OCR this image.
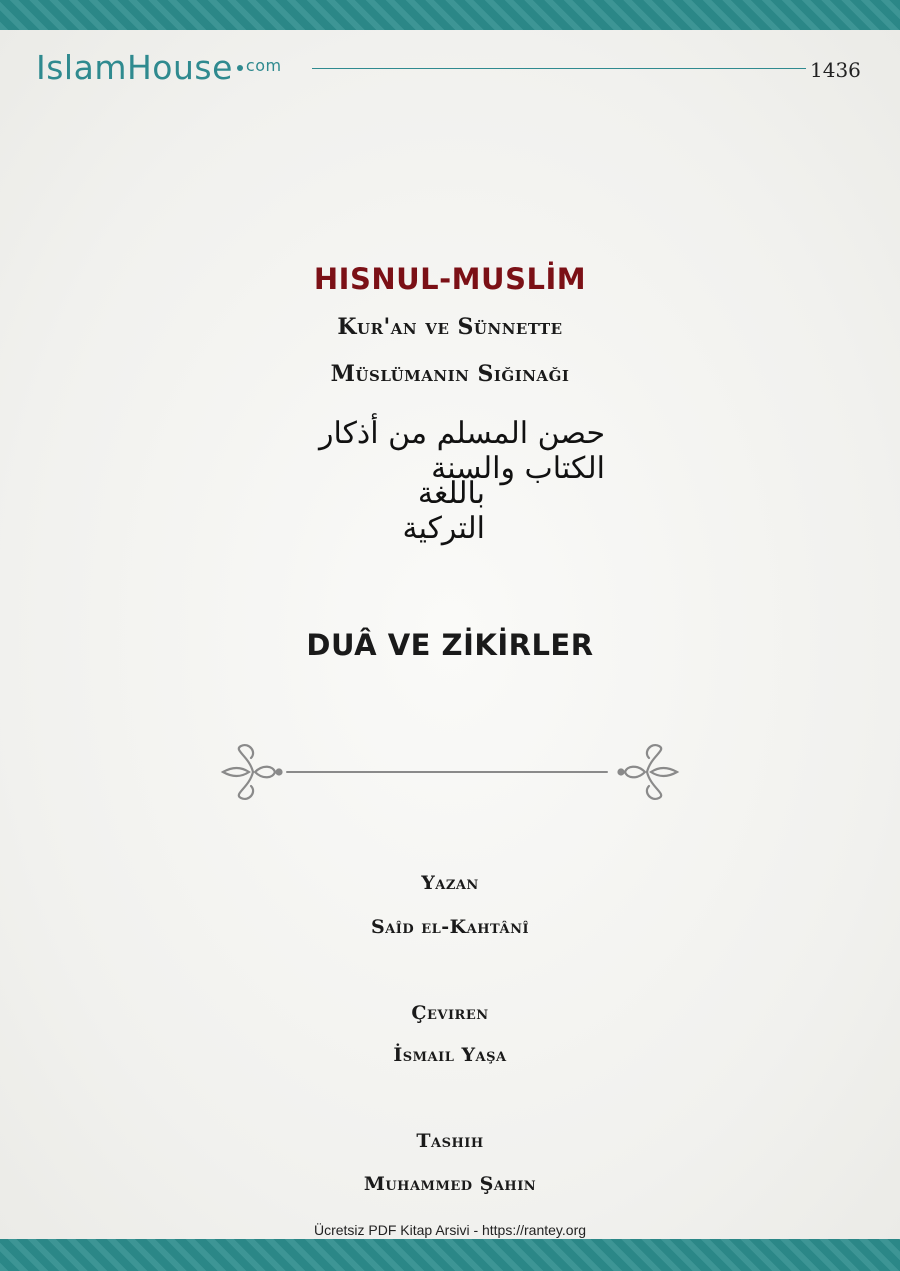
IslamHouse $^{com}$	1436
HISNUL-MUSLİM
Kur'an ve Sünnette
Müslümanın Sığınağı
حصن المسلم من أذكار الكتاب والسنة
باللغة التركية
DUÂ VE ZİKİRLER
Yazan
Saîd el-Kahtânî
Çeviren
İsmail Yaşa
Tashih
Muhammed Şahin
Ücretsiz PDF Kitap Arsivi - https://rantey.org
